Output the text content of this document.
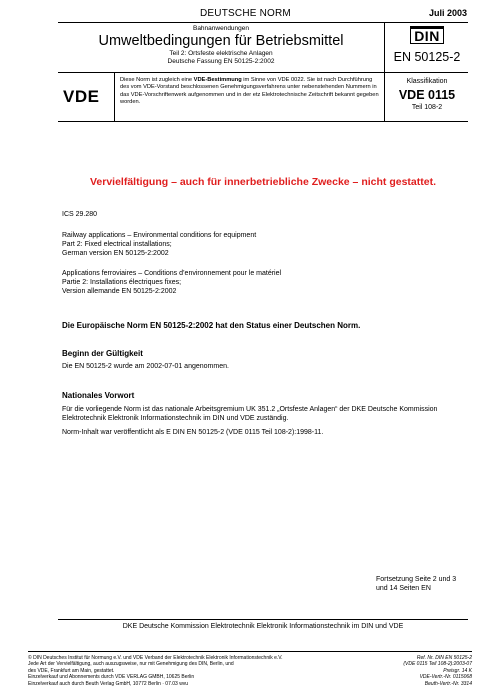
DEUTSCHE NORM	Juli 2003
Bahnanwendungen
Umweltbedingungen für Betriebsmittel
Teil 2: Ortsfeste elektrische Anlagen
Deutsche Fassung EN 50125-2:2002
DIN
EN 50125-2
VDE
Diese Norm ist zugleich eine VDE-Bestimmung im Sinne von VDE 0022. Sie ist nach Durchführung des vom VDE-Vorstand beschlossenen Genehmigungsverfahrens unter nebenstehenden Nummern in das VDE-Vorschriftenwerk aufgenommen und in der etz Elektrotechnische Zeitschrift bekannt gegeben worden.
Klassifikation
VDE 0115
Teil 108-2
Vervielfältigung – auch für innerbetriebliche Zwecke – nicht gestattet.
ICS 29.280
Railway applications – Environmental conditions for equipment
Part 2: Fixed electrical installations;
German version EN 50125-2:2002
Applications ferroviaires – Conditions d’environnement pour le matériel
Partie 2: Installations électriques fixes;
Version allemande EN 50125-2:2002
Die Europäische Norm EN 50125-2:2002 hat den Status einer Deutschen Norm.
Beginn der Gültigkeit
Die EN 50125-2 wurde am 2002-07-01 angenommen.
Nationales Vorwort
Für die vorliegende Norm ist das nationale Arbeitsgremium UK 351.2 „Ortsfeste Anlagen“ der DKE Deutsche Kommission
Elektrotechnik Elektronik Informationstechnik im DIN und VDE zuständig.
Norm-Inhalt war veröffentlicht als E DIN EN 50125-2 (VDE 0115 Teil 108-2):1998-11.
Fortsetzung Seite 2 und 3
und 14 Seiten EN
DKE Deutsche Kommission Elektrotechnik Elektronik Informationstechnik im DIN und VDE
© DIN Deutsches Institut für Normung e.V. und VDE Verband der Elektrotechnik Elektronik Informationstechnik e.V.
Jede Art der Vervielfältigung, auch auszugsweise, nur mit Genehmigung des DIN, Berlin, und
des VDE, Frankfurt am Main, gestattet.
Einzelverkauf und Abonnements durch VDE VERLAG GMBH, 10625 Berlin
Einzelverkauf auch durch Beuth Verlag GmbH, 10772 Berlin · 07.03 wvu
Ref. Nr. DIN EN 50125-2
(VDE 0115 Teil 108-2):2003-07
Preisgr. 14 K
VDE-Vertr.-Nr. 0115068
Beuth-Vertr.-Nr. 3314
